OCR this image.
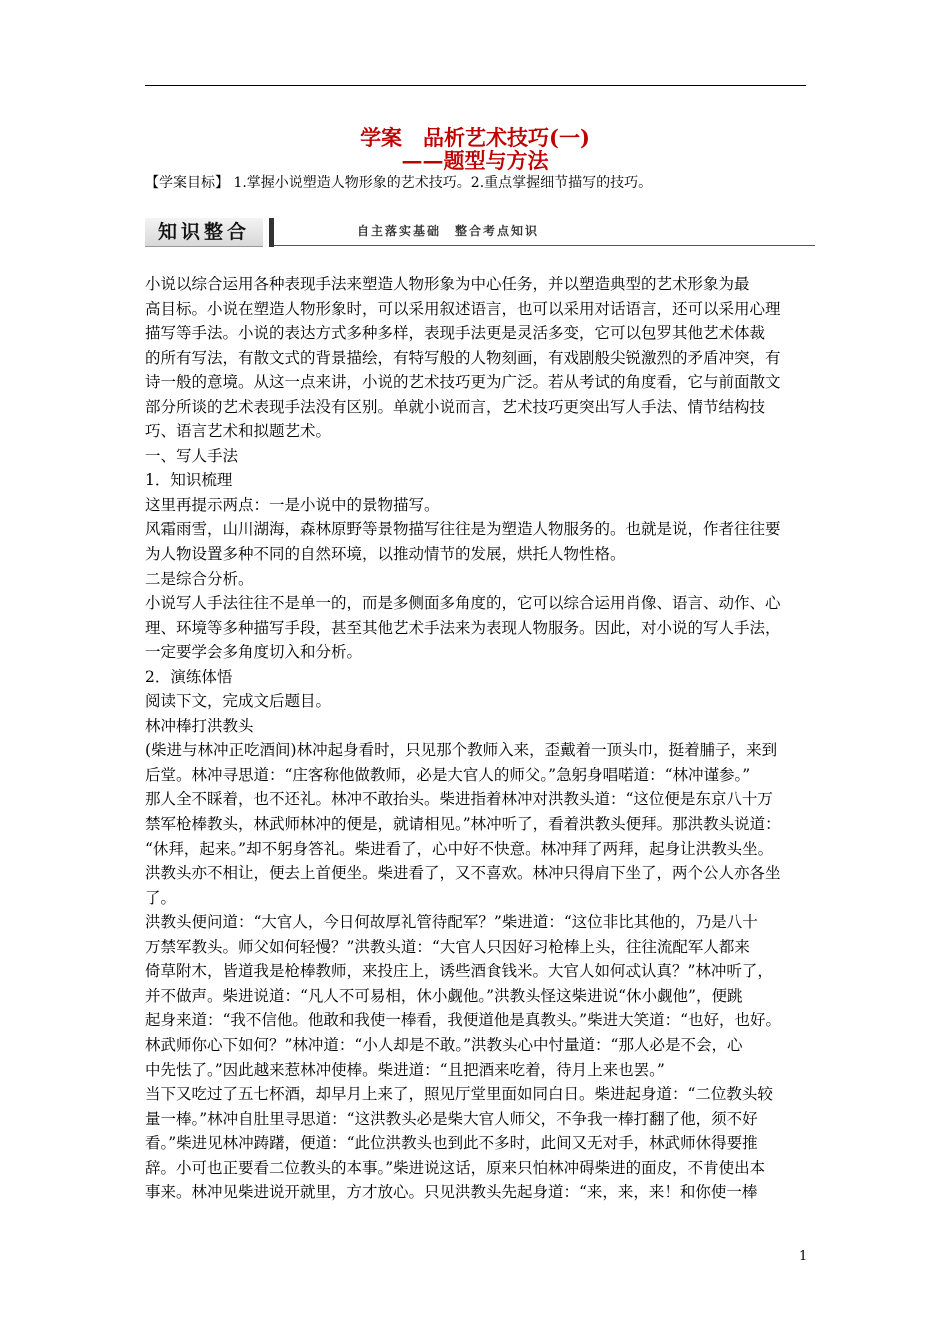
学案　品析艺术技巧(一)
——题型与方法
【学案目标】 1.掌握小说塑造人物形象的艺术技巧。2.重点掌握细节描写的技巧。
知识整合	自主落实基础　整合考点知识
小说以综合运用各种表现手法来塑造人物形象为中心任务，并以塑造典型的艺术形象为最
高目标。小说在塑造人物形象时，可以采用叙述语言，也可以采用对话语言，还可以采用心理
描写等手法。小说的表达方式多种多样，表现手法更是灵活多变，它可以包罗其他艺术体裁
的所有写法，有散文式的背景描绘，有特写般的人物刻画，有戏剧般尖锐激烈的矛盾冲突，有
诗一般的意境。从这一点来讲，小说的艺术技巧更为广泛。若从考试的角度看，它与前面散文
部分所谈的艺术表现手法没有区别。单就小说而言，艺术技巧更突出写人手法、情节结构技
巧、语言艺术和拟题艺术。
一、写人手法
1．知识梳理
这里再提示两点：一是小说中的景物描写。
风霜雨雪，山川湖海，森林原野等景物描写往往是为塑造人物服务的。也就是说，作者往往要
为人物设置多种不同的自然环境，以推动情节的发展，烘托人物性格。
二是综合分析。
小说写人手法往往不是单一的，而是多侧面多角度的，它可以综合运用肖像、语言、动作、心
理、环境等多种描写手段，甚至其他艺术手法来为表现人物服务。因此，对小说的写人手法，
一定要学会多角度切入和分析。
2．演练体悟
阅读下文，完成文后题目。
林冲棒打洪教头
(柴进与林冲正吃酒间)林冲起身看时，只见那个教师入来，歪戴着一顶头巾，挺着脯子，来到
后堂。林冲寻思道：“庄客称他做教师，必是大官人的师父。”急躬身唱喏道：“林冲谨参。”
那人全不睬着，也不还礼。林冲不敢抬头。柴进指着林冲对洪教头道：“这位便是东京八十万
禁军枪棒教头，林武师林冲的便是，就请相见。”林冲听了，看着洪教头便拜。那洪教头说道：
“休拜，起来。”却不躬身答礼。柴进看了，心中好不快意。林冲拜了两拜，起身让洪教头坐。
洪教头亦不相让，便去上首便坐。柴进看了，又不喜欢。林冲只得肩下坐了，两个公人亦各坐
了。
洪教头便问道：“大官人，今日何故厚礼管待配军？”柴进道：“这位非比其他的，乃是八十
万禁军教头。师父如何轻慢？”洪教头道：“大官人只因好习枪棒上头，往往流配军人都来
倚草附木，皆道我是枪棒教师，来投庄上，诱些酒食钱米。大官人如何忒认真？”林冲听了，
并不做声。柴进说道：“凡人不可易相，休小觑他。”洪教头怪这柴进说“休小觑他”，便跳
起身来道：“我不信他。他敢和我使一棒看，我便道他是真教头。”柴进大笑道：“也好，也好。
林武师你心下如何？”林冲道：“小人却是不敢。”洪教头心中忖量道：“那人必是不会，心
中先怯了。”因此越来惹林冲使棒。柴进道：“且把酒来吃着，待月上来也罢。”
当下又吃过了五七杯酒，却早月上来了，照见厅堂里面如同白日。柴进起身道：“二位教头较
量一棒。”林冲自肚里寻思道：“这洪教头必是柴大官人师父，不争我一棒打翻了他，须不好
看。”柴进见林冲踌躇，便道：“此位洪教头也到此不多时，此间又无对手，林武师休得要推
辞。小可也正要看二位教头的本事。”柴进说这话，原来只怕林冲碍柴进的面皮，不肯使出本
事来。林冲见柴进说开就里，方才放心。只见洪教头先起身道：“来，来，来！和你使一棒
1
